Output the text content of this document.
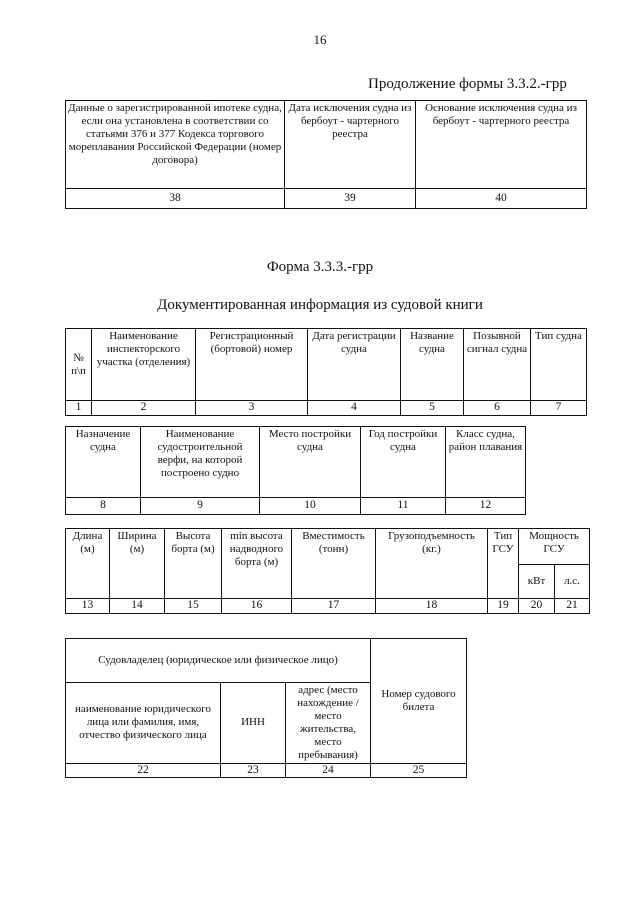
16
Продолжение формы 3.3.2.-грр
Данные о зарегистрированной ипотеке судна, если она установлена в соответствии со статьями 376 и 377 Кодекса торгового мореплавания Российской Федерации (номер договора)	Дата исключения судна из бербоут - чартерного реестра	Основание исключения судна из бербоут - чартерного реестра
38	39	40
Форма 3.3.3.-грр
Документированная информация из судовой книги
№ п\п	Наименование инспекторского участка (отделения)	Регистрационный (бортовой) номер	Дата регистрации судна	Название судна	Позывной сигнал судна	Тип судна
1	2	3	4	5	6	7
Назначение судна	Наименование судостроительной верфи, на которой построено судно	Место постройки судна	Год постройки судна	Класс судна, район плавания
8	9	10	11	12
Длина (м)	Ширина (м)	Высота борта (м)	min высота надводного борта (м)	Вместимость (тонн)	Грузоподъемность (кг.)	Тип ГСУ	Мощность ГСУ	
							кВт	л.с.
13	14	15	16	17	18	19	20	21
Судовладелец (юридическое или физическое лицо)			Номер судового билета
наименование юридического лица или фамилия, имя, отчество физического лица	ИНН	адрес (место нахождение / место жительства, место пребывания)	
22	23	24	25
